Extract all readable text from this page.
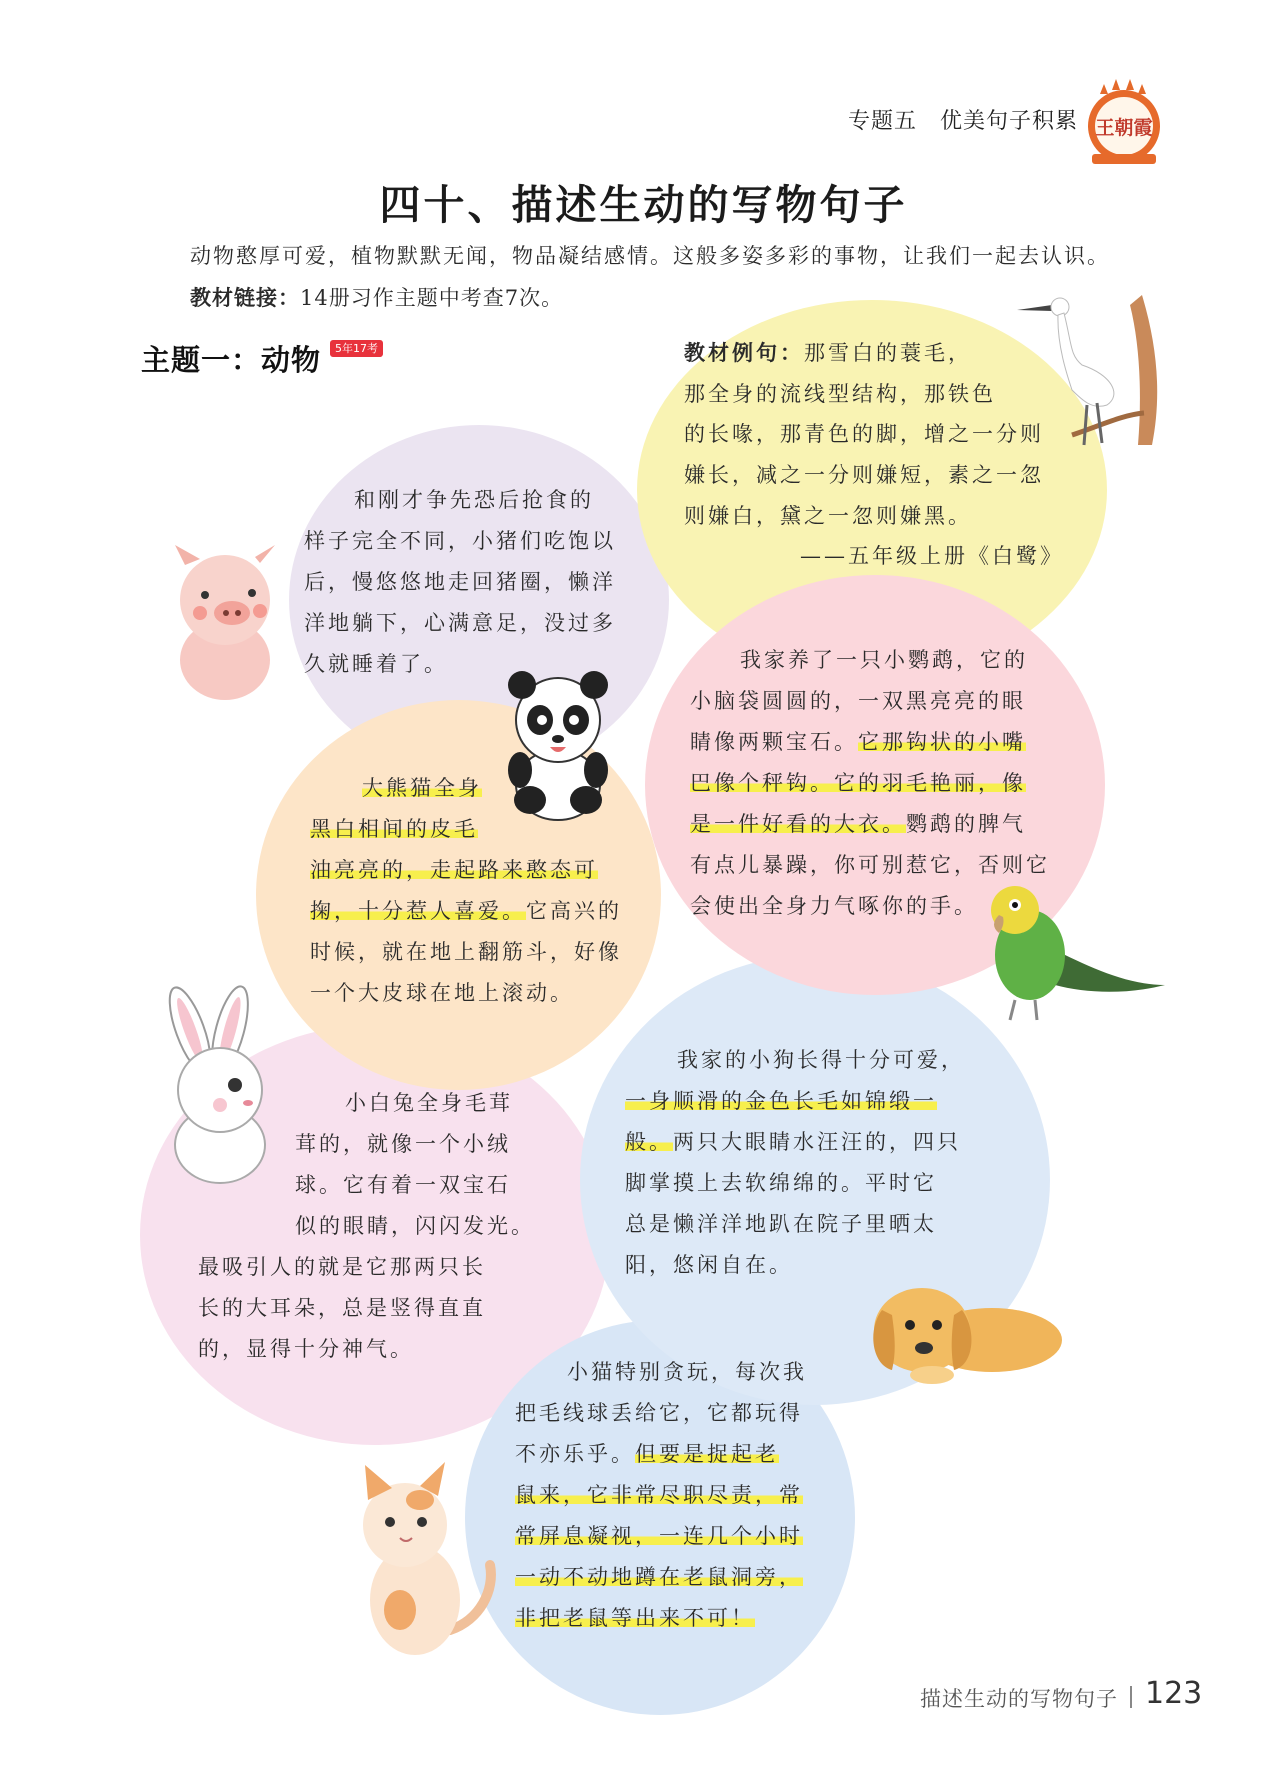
专题五　优美句子积累 王朝霞
四十、描述生动的写物句子
动物憨厚可爱，植物默默无闻，物品凝结感情。这般多姿多彩的事物，让我们一起去认识。
教材链接：14册习作主题中考查7次。
主题一：动物	5年17考	教材例句：那雪白的蓑毛，
那全身的流线型结构，那铁色
的长喙，那青色的脚，增之一分则
嫌长，减之一分则嫌短，素之一忽
则嫌白，黛之一忽则嫌黑。
——五年级上册《白鹭》
和刚才争先恐后抢食的
样子完全不同，小猪们吃饱以
后，慢悠悠地走回猪圈，懒洋
洋地躺下，心满意足，没过多
久就睡着了。	我家养了一只小鹦鹉，它的
小脑袋圆圆的，一双黑亮亮的眼
睛像两颗宝石。它那钩状的小嘴
巴像个秤钩。它的羽毛艳丽，像
是一件好看的大衣。鹦鹉的脾气
有点儿暴躁，你可别惹它，否则它
会使出全身力气啄你的手。
大熊猫全身
黑白相间的皮毛
油亮亮的，走起路来憨态可
掬，十分惹人喜爱。它高兴的
时候，就在地上翻筋斗，好像
一个大皮球在地上滚动。
我家的小狗长得十分可爱，
一身顺滑的金色长毛如锦缎一
般。两只大眼睛水汪汪的，四只
脚掌摸上去软绵绵的。平时它
总是懒洋洋地趴在院子里晒太
阳，悠闲自在。
小白兔全身毛茸
茸的，就像一个小绒
球。它有着一双宝石
似的眼睛，闪闪发光。
最吸引人的就是它那两只长
长的大耳朵，总是竖得直直
的，显得十分神气。
小猫特别贪玩，每次我
把毛线球丢给它，它都玩得
不亦乐乎。但要是捉起老
鼠来，它非常尽职尽责，常
常屏息凝视，一连几个小时
一动不动地蹲在老鼠洞旁，
非把老鼠等出来不可！
描述生动的写物句子 123
